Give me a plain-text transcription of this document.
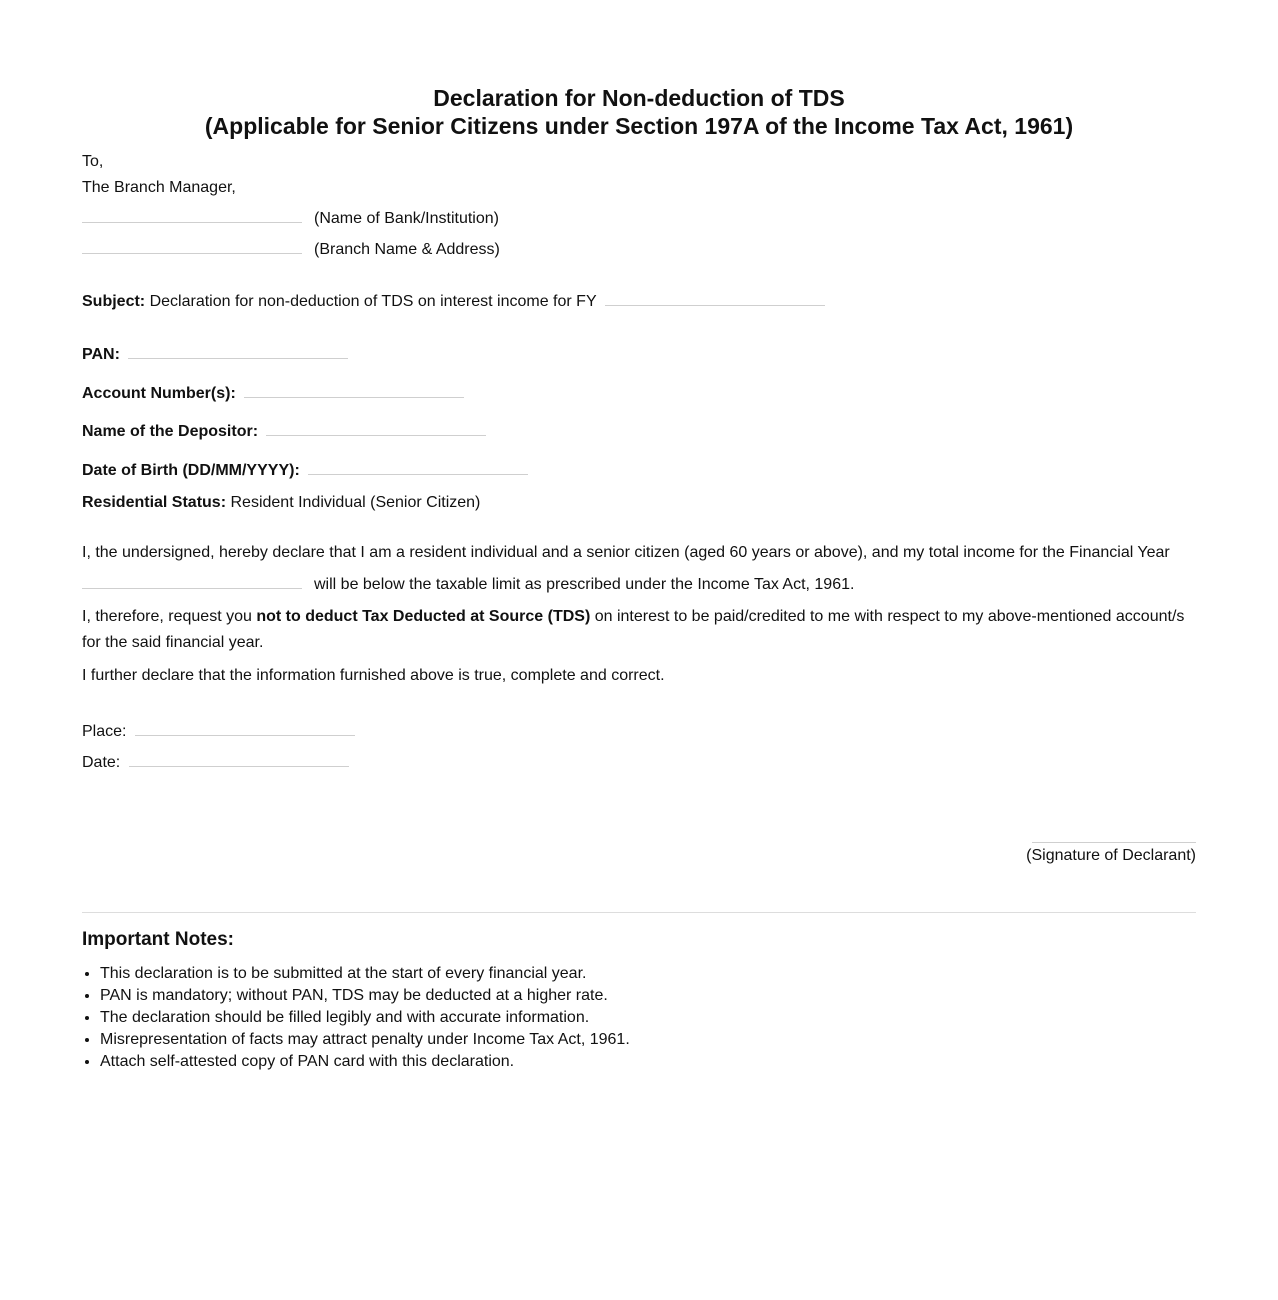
Declaration for Non-deduction of TDS
(Applicable for Senior Citizens under Section 197A of the Income Tax Act, 1961)
To,
The Branch Manager,
(Name of Bank/Institution)
(Branch Name & Address)
Subject: Declaration for non-deduction of TDS on interest income for FY
PAN:
Account Number(s):
Name of the Depositor:
Date of Birth (DD/MM/YYYY):
Residential Status: Resident Individual (Senior Citizen)
I, the undersigned, hereby declare that I am a resident individual and a senior citizen (aged 60 years or above), and my total income for the Financial Year
will be below the taxable limit as prescribed under the Income Tax Act, 1961.
I, therefore, request you not to deduct Tax Deducted at Source (TDS) on interest to be paid/credited to me with respect to my above-mentioned account/s for the said financial year.
I further declare that the information furnished above is true, complete and correct.
Place:
Date:
(Signature of Declarant)
Important Notes:
• This declaration is to be submitted at the start of every financial year.
• PAN is mandatory; without PAN, TDS may be deducted at a higher rate.
• The declaration should be filled legibly and with accurate information.
• Misrepresentation of facts may attract penalty under Income Tax Act, 1961.
• Attach self-attested copy of PAN card with this declaration.
